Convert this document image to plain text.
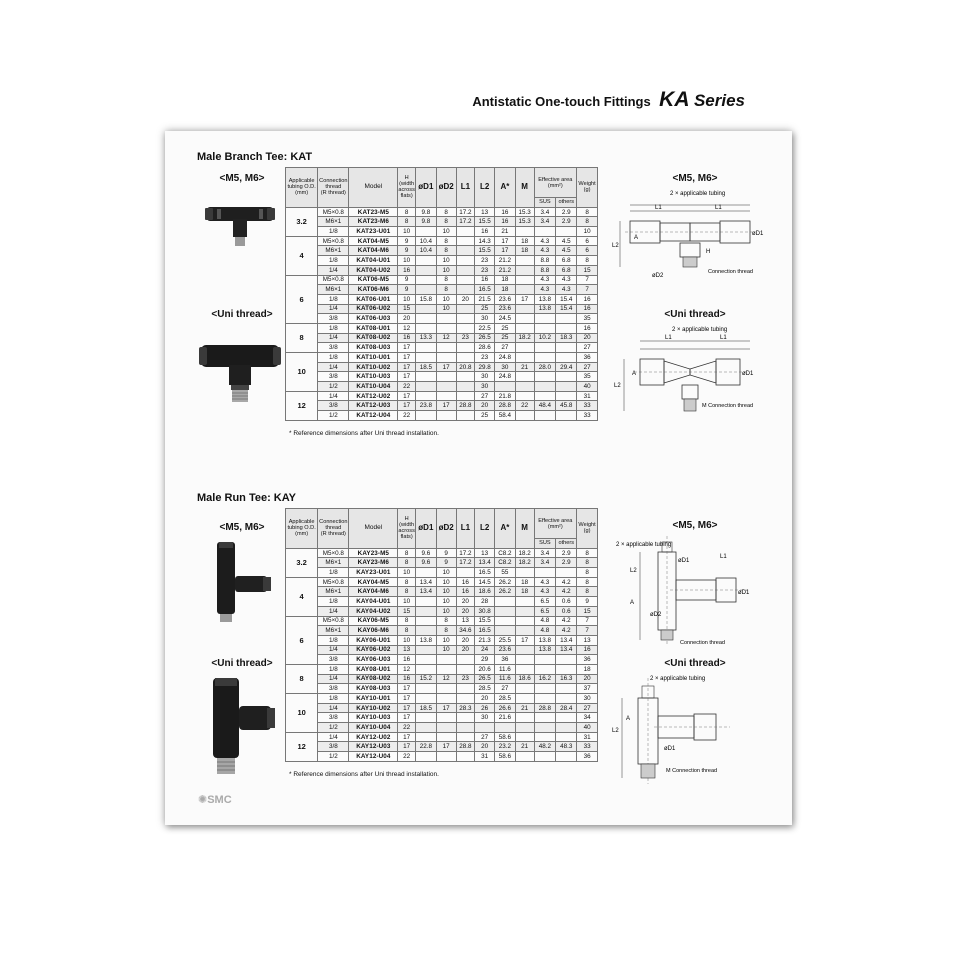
Antistatic One-touch Fittings KA Series
Male Branch Tee: KAT
<M5, M6>
<Uni thread>
Applicable
tubing O.D.
(mm)	Connection
thread
(R thread)	Model	H
(width
across
flats)	øD1	øD2	L1	L2	A*	M	Effective area
(mm²)		Weight
(g)
										SUS	others	
3.2	M5×0.8	KAT23-M5	8	9.8	8	17.2	13	16	15.3	3.4	2.9	8
	M6×1	KAT23-M6	8	9.8	8	17.2	15.5	16	15.3	3.4	2.9	8
	1/8	KAT23-U01	10		10		16	21				10
4	M5×0.8	KAT04-M5	9	10.4	8		14.3	17	18	4.3	4.5	6
	M6×1	KAT04-M6	9	10.4	8		15.5	17	18	4.3	4.5	6
	1/8	KAT04-U01	10		10		23	21.2		8.8	6.8	8
	1/4	KAT04-U02	16		10		23	21.2		8.8	6.8	15
6	M5×0.8	KAT06-M5	9		8		16	18		4.3	4.3	7
	M6×1	KAT06-M6	9		8		16.5	18		4.3	4.3	7
	1/8	KAT06-U01	10	15.8	10	20	21.5	23.6	17	13.8	15.4	16
	1/4	KAT06-U02	15		10		25	23.6		13.8	15.4	16
	3/8	KAT06-U03	20				30	24.5				35
8	1/8	KAT08-U01	12				22.5	25				16
	1/4	KAT08-U02	16	13.3	12	23	26.5	25	18.2	10.2	18.3	20
	3/8	KAT08-U03	17				28.6	27				27
10	1/8	KAT10-U01	17				23	24.8				36
	1/4	KAT10-U02	17	18.5	17	20.8	29.8	30	21	28.0	29.4	27
	3/8	KAT10-U03	17				30	24.8				35
	1/2	KAT10-U04	22				30					40
12	1/4	KAT12-U02	17				27	21.8				31
	3/8	KAT12-U03	17	23.8	17	28.8	20	28.8	22	48.4	45.8	33
	1/2	KAT12-U04	22				25	58.4				33
* Reference dimensions after Uni thread installation.
<M5, M6>
2 × applicable tubing
L1	L1
L2
A
øD1
H
øD2
Connection thread
<Uni thread>
2 × applicable tubing
L1	L1
L2
A	øD1
M Connection thread
Male Run Tee: KAY
<M5, M6>
<Uni thread>
Applicable
tubing O.D.
(mm)	Connection
thread
(R thread)	Model	H
(width
across
flats)	øD1	øD2	L1	L2	A*	M	Effective area
(mm²)		Weight
(g)
										SUS	others	
3.2	M5×0.8	KAY23-M5	8	9.6	9	17.2	13	C8.2	18.2	3.4	2.9	8
	M6×1	KAY23-M6	8	9.6	9	17.2	13.4	C8.2	18.2	3.4	2.9	8
	1/8	KAY23-U01	10		10		16.5	55				8
4	M5×0.8	KAY04-M5	8	13.4	10	16	14.5	26.2	18	4.3	4.2	8
	M6×1	KAY04-M6	8	13.4	10	16	18.6	26.2	18	4.3	4.2	8
	1/8	KAY04-U01	10		10	20	28			6.5	0.6	9
	1/4	KAY04-U02	15		10	20	30.8			6.5	0.6	15
6	M5×0.8	KAY06-M5	8		8	13	15.5			4.8	4.2	7
	M6×1	KAY06-M6	8		8	34.6	16.5			4.8	4.2	7
	1/8	KAY06-U01	10	13.8	10	20	21.3	25.5	17	13.8	13.4	13
	1/4	KAY06-U02	13		10	20	24	23.6		13.8	13.4	16
	3/8	KAY06-U03	16				29	36				36
8	1/8	KAY08-U01	12				20.6	11.6				18
	1/4	KAY08-U02	16	15.2	12	23	26.5	11.6	18.6	16.2	16.3	20
	3/8	KAY08-U03	17				28.5	27				37
10	1/8	KAY10-U01	17				20	28.5				30
	1/4	KAY10-U02	17	18.5	17	28.3	26	26.6	21	28.8	28.4	27
	3/8	KAY10-U03	17				30	21.6				34
	1/2	KAY10-U04	22									40
12	1/4	KAY12-U02	17				27	58.6				31
	3/8	KAY12-U03	17	22.8	17	28.8	20	23.2	21	48.2	48.3	33
	1/2	KAY12-U04	22				31	58.6				36
* Reference dimensions after Uni thread installation.
<M5, M6>
2 × applicable tubing
L2
A
øD1
øD2
øD1
L1
Connection thread
<Uni thread>
2 × applicable tubing
L2
A
øD1
M Connection thread
✺SMC
